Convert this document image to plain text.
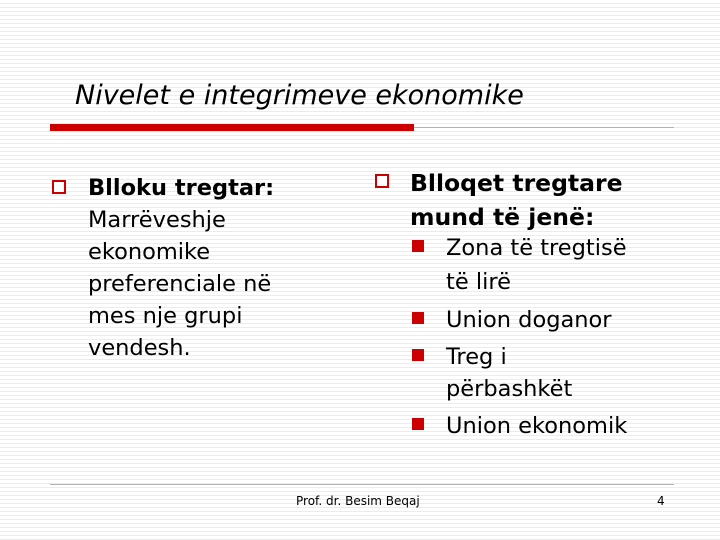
Nivelet e integrimeve ekonomike
Blloku tregtar:
Marrëveshje
ekonomike
preferenciale në
mes nje grupi
vendesh.
Blloqet tregtare
mund të jenë:
Zona të tregtisë
të lirë
Union doganor
Treg i
përbashkët
Union ekonomik
Prof. dr. Besim Beqaj	4
